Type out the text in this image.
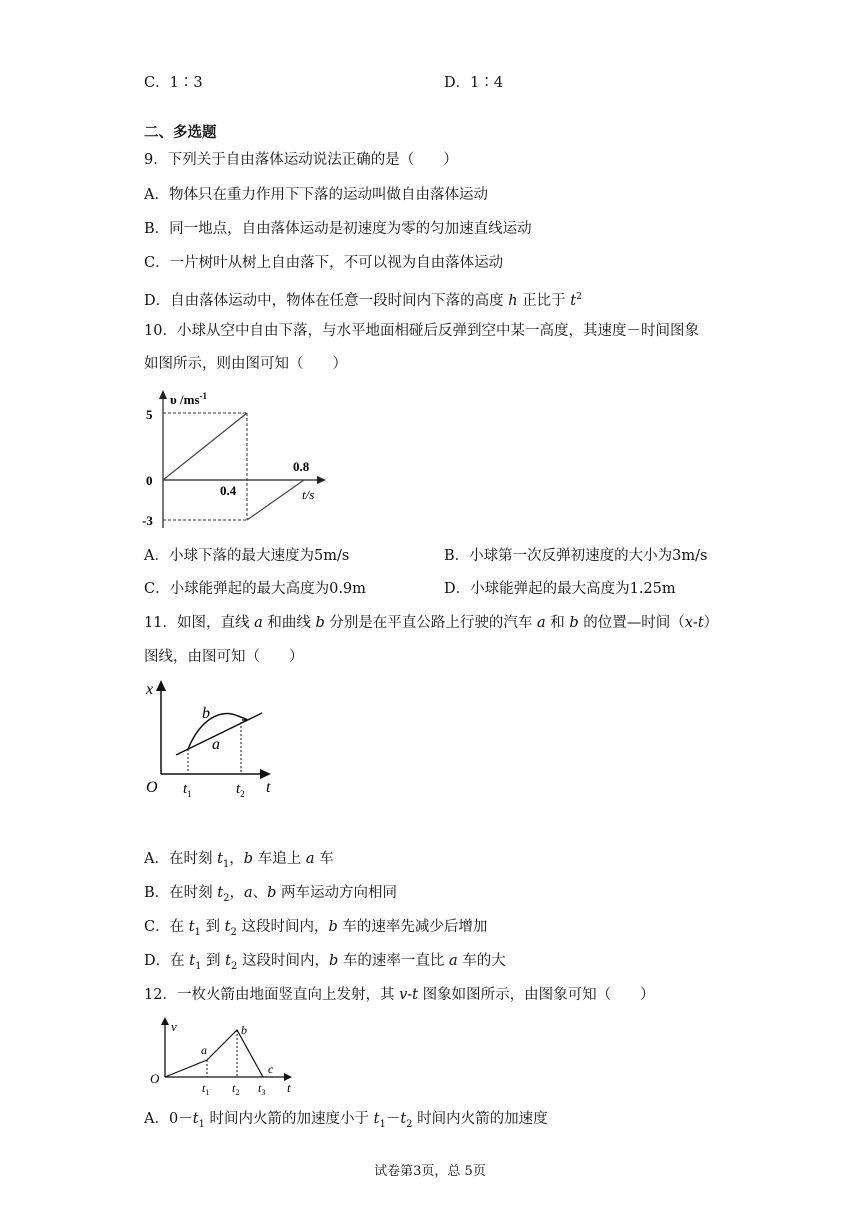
C．1∶3	D．1∶4
二、多选题
9．下列关于自由落体运动说法正确的是（　　）
A．物体只在重力作用下下落的运动叫做自由落体运动
B．同一地点，自由落体运动是初速度为零的匀加速直线运动
C．一片树叶从树上自由落下，不可以视为自由落体运动
D．自由落体运动中，物体在任意一段时间内下落的高度 h 正比于 $t^2$
10．小球从空中自由下落，与水平地面相碰后反弹到空中某一高度，其速度－时间图象
如图所示，则由图可知（　　）
υ $/ms^{-1}$
5
0
-3
0.4
0.8
t/s
A．小球下落的最大速度为5m/s	B．小球第一次反弹初速度的大小为3m/s
C．小球能弹起的最大高度为0.9m	D．小球能弹起的最大高度为1.25m
11．如图，直线 a 和曲线 b 分别是在平直公路上行驶的汽车 a 和 b 的位置—时间（x-t）
图线，由图可知（　　）
x
O	t
b
a
$t_1$	$t_2$
A．在时刻 $t_1$，b 车追上 a 车
B．在时刻 $t_2$，a、b 两车运动方向相同
C．在 $t_1$ 到 $t_2$ 这段时间内，b 车的速率先减少后增加
D．在 $t_1$ 到 $t_2$ 这段时间内，b 车的速率一直比 a 车的大
12．一枚火箭由地面竖直向上发射，其 v-t 图象如图所示，由图象可知（　　）
v
O
t
a
b
c
$t_1$ $t_2$ $t_3$
A．$0-t_1$ 时间内火箭的加速度小于 $t_1-t_2$ 时间内火箭的加速度
试卷第3页，总 5页
